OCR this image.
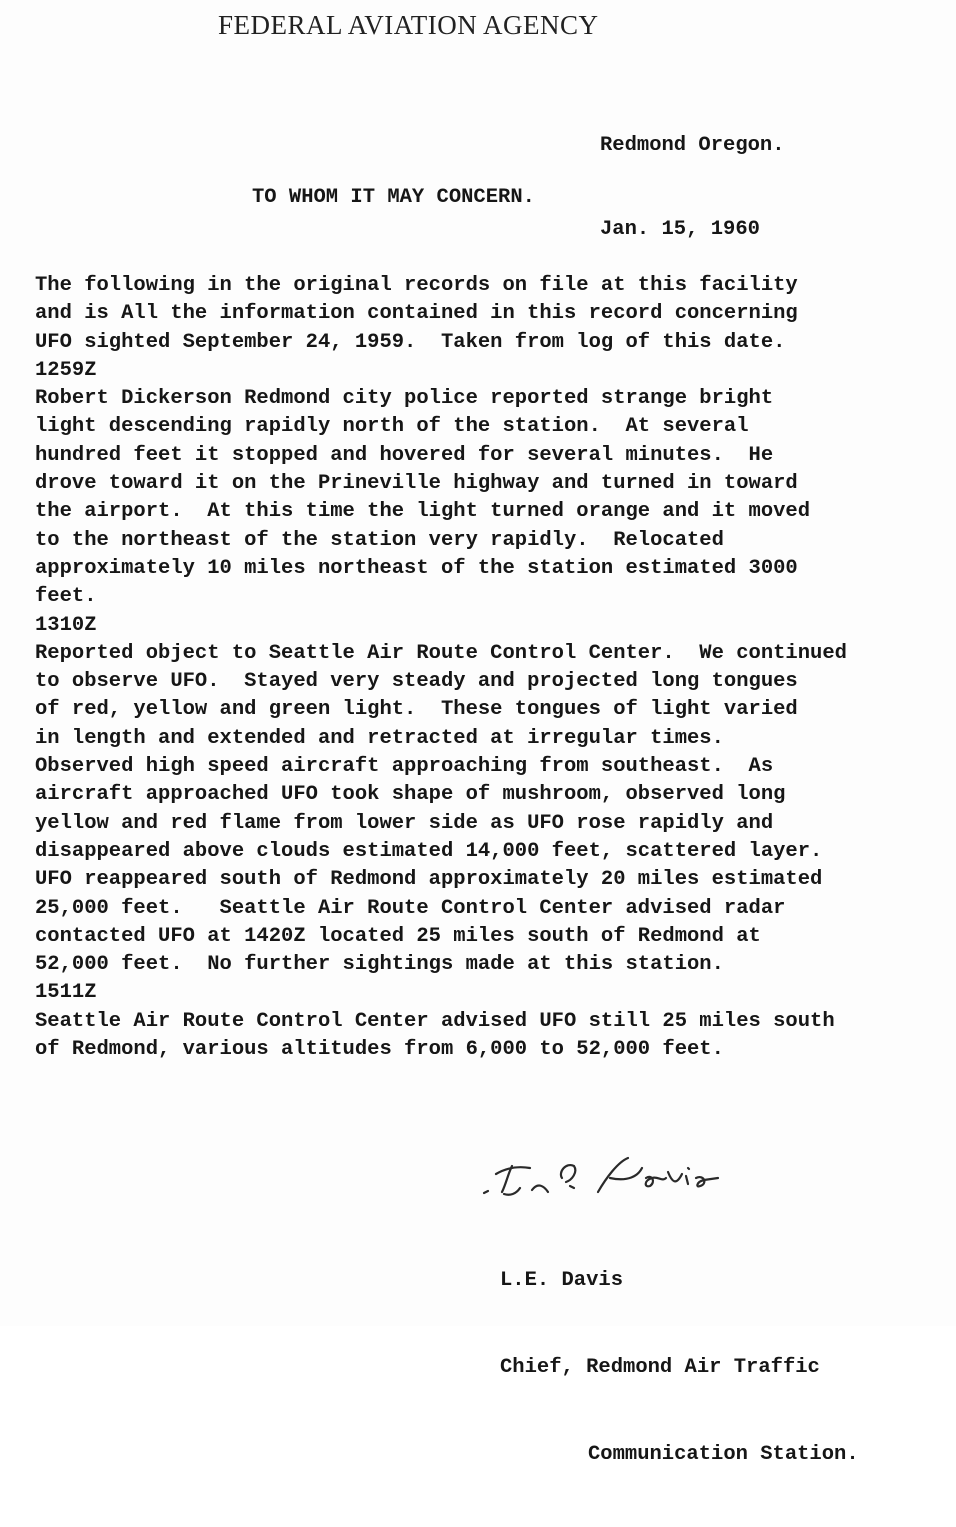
FEDERAL AVIATION AGENCY

Redmond Oregon.

Jan. 15, 1960

TO WHOM IT MAY CONCERN.
The following in the original records on file at this facility
and is All the information contained in this record concerning
UFO sighted September 24, 1959.  Taken from log of this date.
1259Z
Robert Dickerson Redmond city police reported strange bright
light descending rapidly north of the station.  At several
hundred feet it stopped and hovered for several minutes.  He
drove toward it on the Prineville highway and turned in toward
the airport.  At this time the light turned orange and it moved
to the northeast of the station very rapidly.  Relocated
approximately 10 miles northeast of the station estimated 3000
feet.
1310Z
Reported object to Seattle Air Route Control Center.  We continued
to observe UFO.  Stayed very steady and projected long tongues
of red, yellow and green light.  These tongues of light varied
in length and extended and retracted at irregular times.
Observed high speed aircraft approaching from southeast.  As
aircraft approached UFO took shape of mushroom, observed long
yellow and red flame from lower side as UFO rose rapidly and
disappeared above clouds estimated 14,000 feet, scattered layer.
UFO reappeared south of Redmond approximately 20 miles estimated
25,000 feet.   Seattle Air Route Control Center advised radar
contacted UFO at 1420Z located 25 miles south of Redmond at
52,000 feet.  No further sightings made at this station.
1511Z
Seattle Air Route Control Center advised UFO still 25 miles south
of Redmond, various altitudes from 6,000 to 52,000 feet.

L.E. Davis

Chief, Redmond Air Traffic

Communication Station.
